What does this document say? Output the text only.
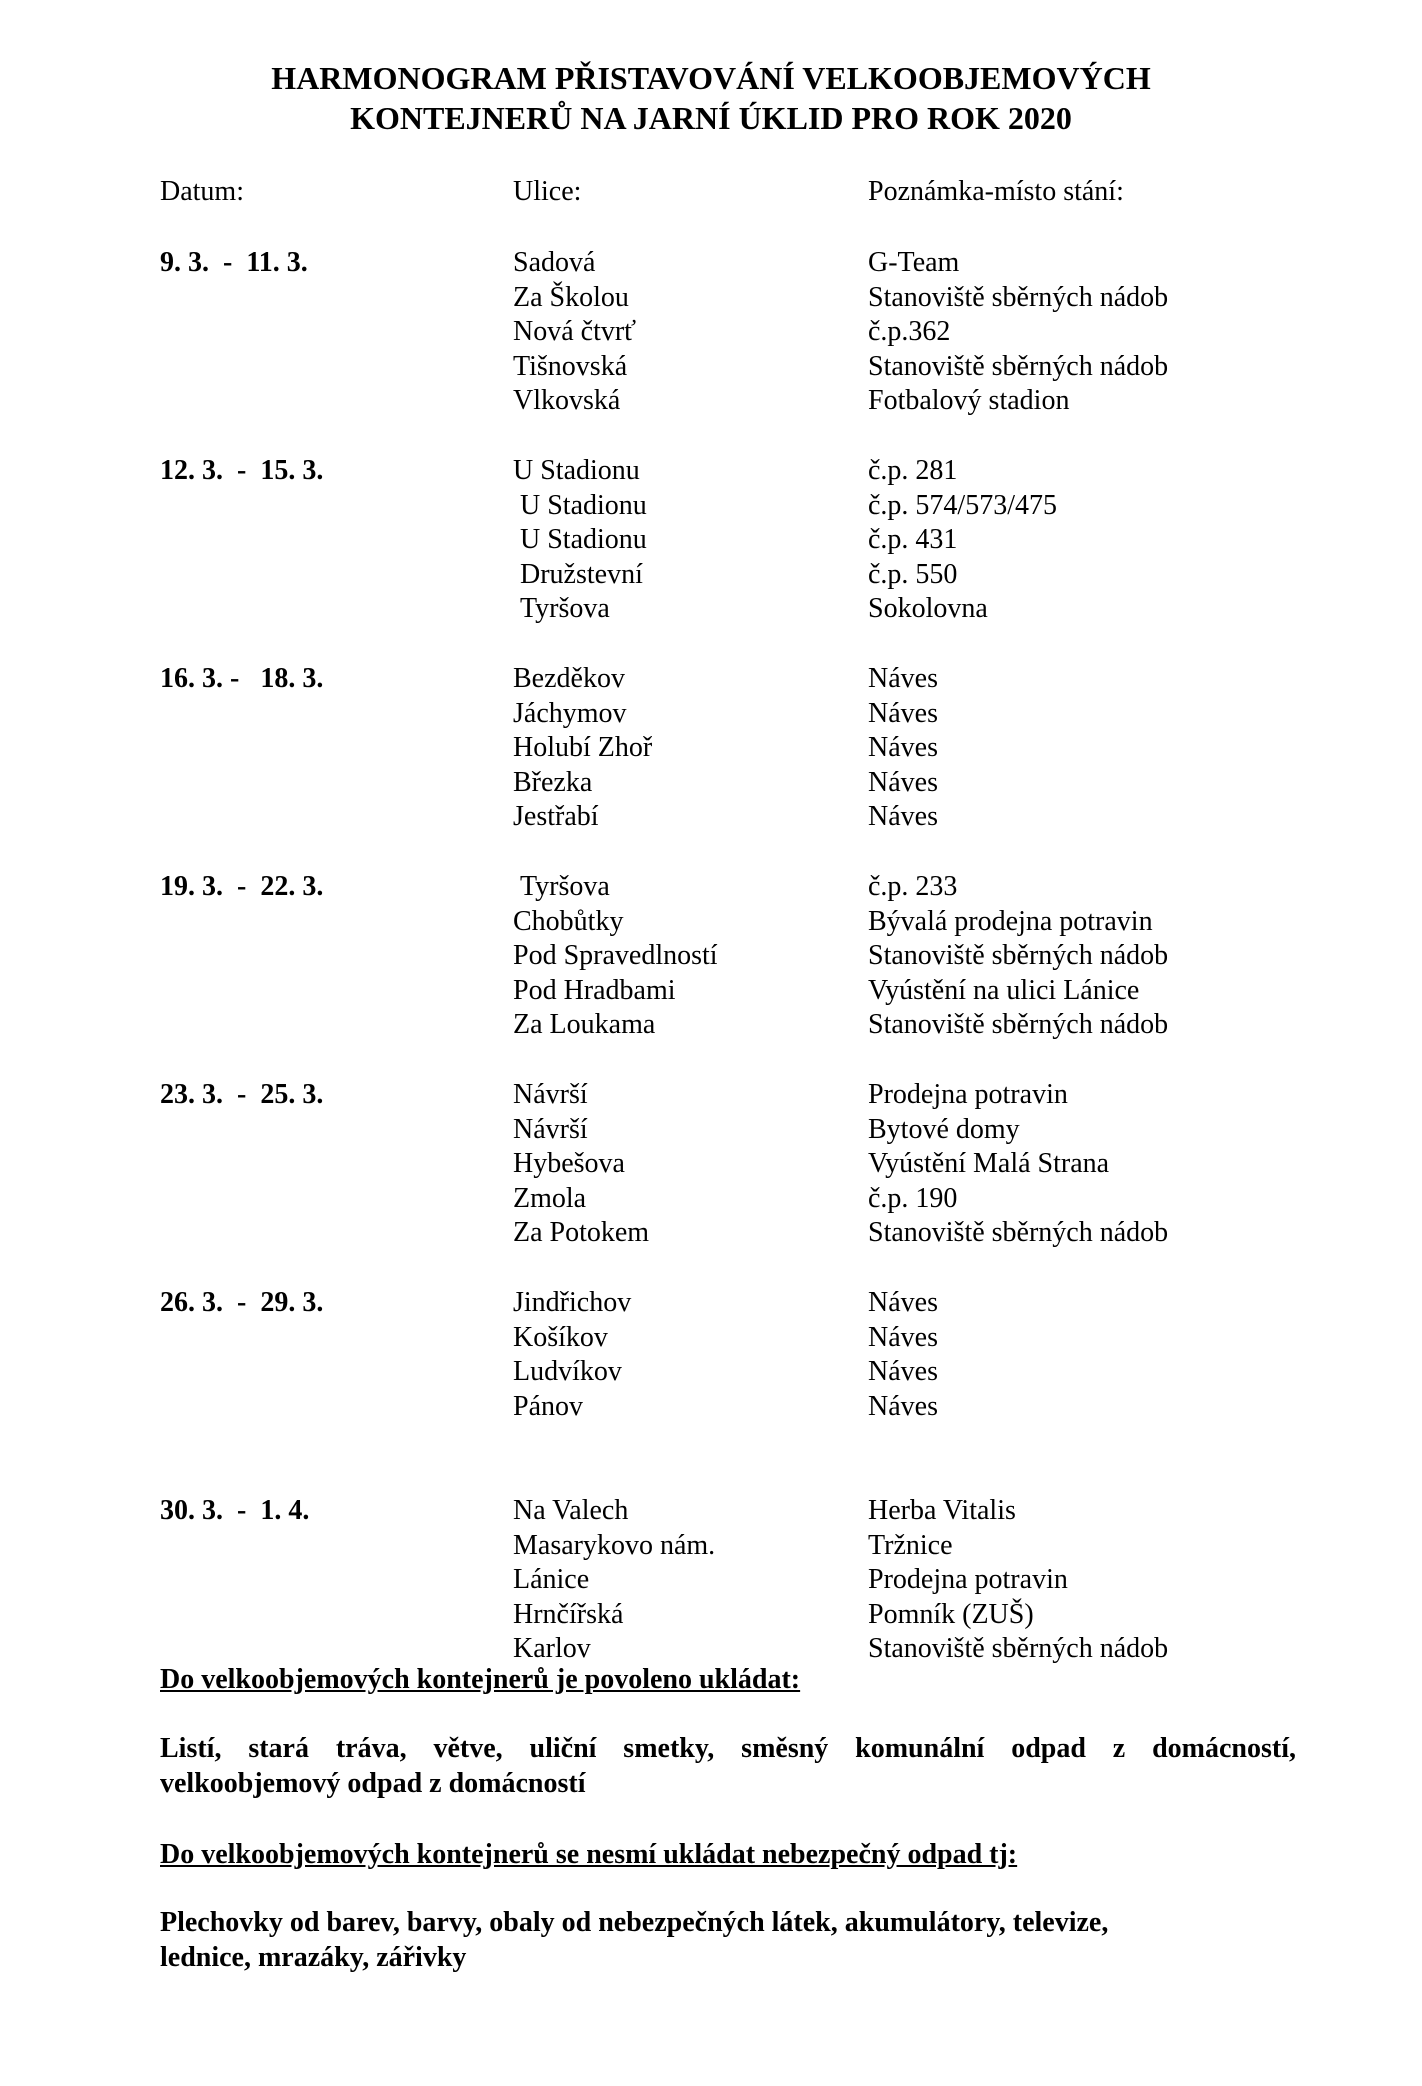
HARMONOGRAM PŘISTAVOVÁNÍ VELKOOBJEMOVÝCH
KONTEJNERŮ NA JARNÍ ÚKLID PRO ROK 2020
Datum:	Ulice:	Poznámka-místo stání:
9. 3.  -  11. 3.	Sadová	G-Team
Za Školou	Stanoviště sběrných nádob
Nová čtvrť	č.p.362
Tišnovská	Stanoviště sběrných nádob
Vlkovská	Fotbalový stadion
12. 3.  -  15. 3.	U Stadionu	č.p. 281
U Stadionu	č.p. 574/573/475
U Stadionu	č.p. 431
Družstevní	č.p. 550
Tyršova	Sokolovna
16. 3. -   18. 3.	Bezděkov	Náves
Jáchymov	Náves
Holubí Zhoř	Náves
Březka	Náves
Jestřabí	Náves
19. 3.  -  22. 3.	Tyršova	č.p. 233
Chobůtky	Bývalá prodejna potravin
Pod Spravedlností	Stanoviště sběrných nádob
Pod Hradbami	Vyústění na ulici Lánice
Za Loukama	Stanoviště sběrných nádob
23. 3.  -  25. 3.	Návrší	Prodejna potravin
Návrší	Bytové domy
Hybešova	Vyústění Malá Strana
Zmola	č.p. 190
Za Potokem	Stanoviště sběrných nádob
26. 3.  -  29. 3.	Jindřichov	Náves
Košíkov	Náves
Ludvíkov	Náves
Pánov	Náves
30. 3.  -  1. 4.	Na Valech	Herba Vitalis
Masarykovo nám.	Tržnice
Lánice	Prodejna potravin
Hrnčířská	Pomník (ZUŠ)
Karlov	Stanoviště sběrných nádob
Do velkoobjemových kontejnerů je povoleno ukládat:
Listí, stará tráva, větve, uliční smetky, směsný komunální odpad z domácností,
velkoobjemový odpad z domácností
Do velkoobjemových kontejnerů se nesmí ukládat nebezpečný odpad tj:
Plechovky od barev, barvy, obaly od nebezpečných látek, akumulátory, televize,
lednice, mrazáky, zářivky
